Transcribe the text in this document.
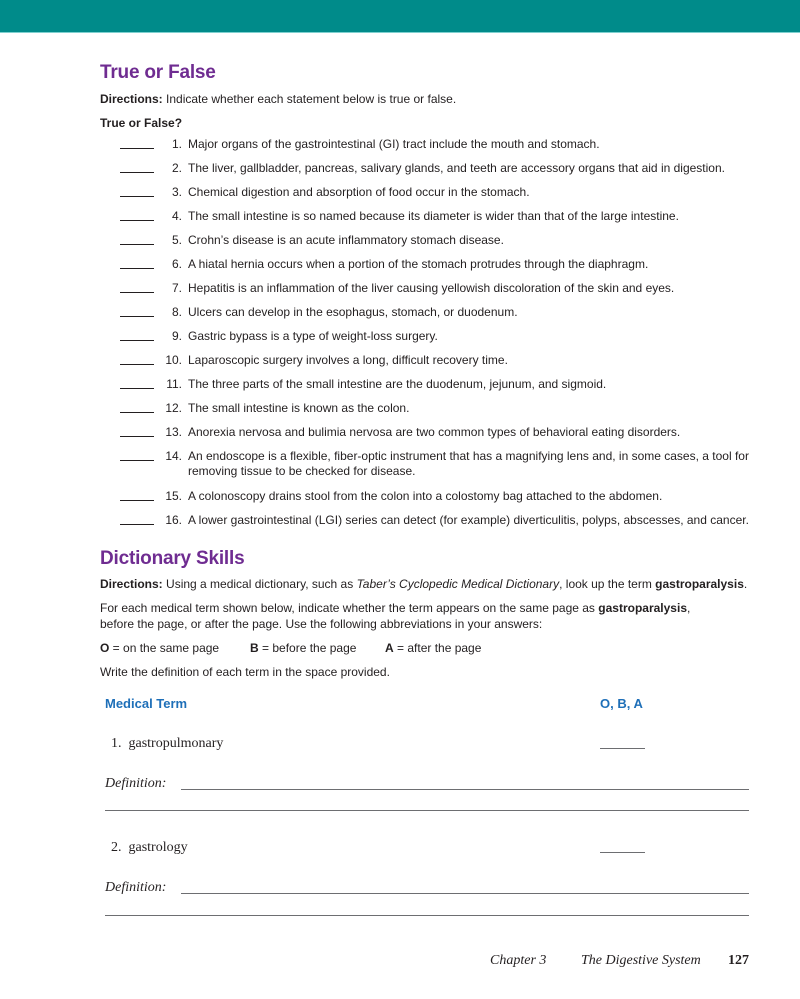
True or False
Directions: Indicate whether each statement below is true or false.
True or False?
1. Major organs of the gastrointestinal (GI) tract include the mouth and stomach.
2. The liver, gallbladder, pancreas, salivary glands, and teeth are accessory organs that aid in digestion.
3. Chemical digestion and absorption of food occur in the stomach.
4. The small intestine is so named because its diameter is wider than that of the large intestine.
5. Crohn’s disease is an acute inflammatory stomach disease.
6. A hiatal hernia occurs when a portion of the stomach protrudes through the diaphragm.
7. Hepatitis is an inflammation of the liver causing yellowish discoloration of the skin and eyes.
8. Ulcers can develop in the esophagus, stomach, or duodenum.
9. Gastric bypass is a type of weight-loss surgery.
10. Laparoscopic surgery involves a long, difficult recovery time.
11. The three parts of the small intestine are the duodenum, jejunum, and sigmoid.
12. The small intestine is known as the colon.
13. Anorexia nervosa and bulimia nervosa are two common types of behavioral eating disorders.
14. An endoscope is a flexible, fiber-optic instrument that has a magnifying lens and, in some cases, a tool for removing tissue to be checked for disease.
15. A colonoscopy drains stool from the colon into a colostomy bag attached to the abdomen.
16. A lower gastrointestinal (LGI) series can detect (for example) diverticulitis, polyps, abscesses, and cancer.
Dictionary Skills
Directions: Using a medical dictionary, such as Taber’s Cyclopedic Medical Dictionary, look up the term gastroparalysis.
For each medical term shown below, indicate whether the term appears on the same page as gastroparalysis,
before the page, or after the page. Use the following abbreviations in your answers:
O = on the same page	B = before the page A = after the page
Write the definition of each term in the space provided.
Medical Term	O, B, A
1. gastropulmonary
Definition:
2. gastrology
Definition:
Chapter 3 The Digestive System 127
